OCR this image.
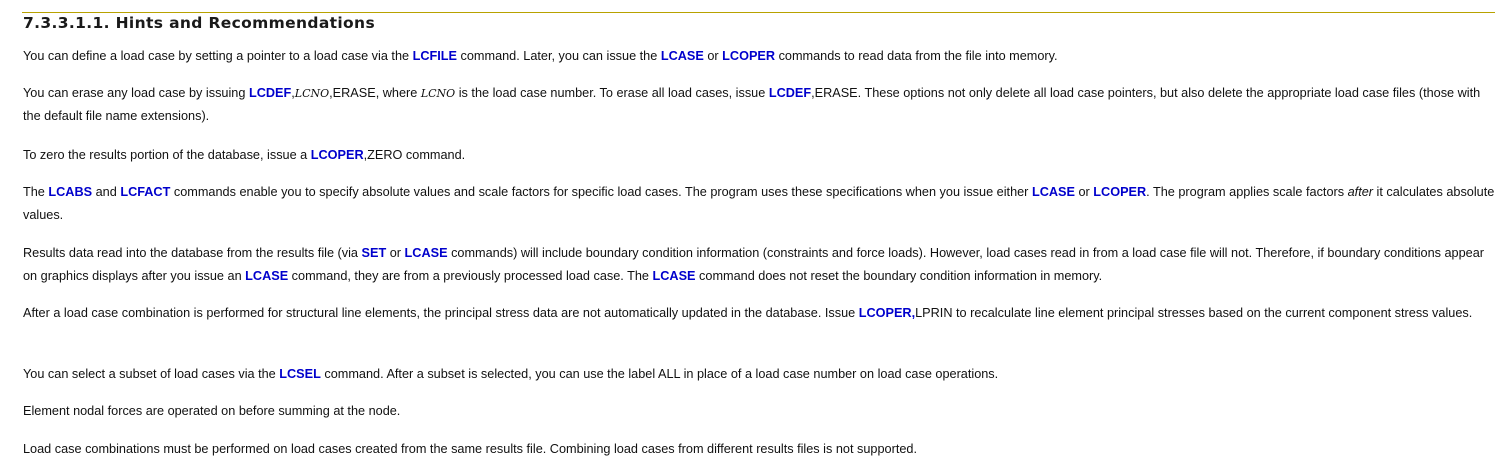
7.3.3.1.1. Hints and Recommendations

You can define a load case by setting a pointer to a load case via the LCFILE command. Later, you can issue the LCASE or LCOPER commands to read data from the file into memory.

You can erase any load case by issuing LCDEF,LCNO,ERASE, where LCNO is the load case number. To erase all load cases, issue LCDEF,ERASE. These options not only delete all load case pointers, but also delete the appropriate load case files (those with the default file name extensions).

To zero the results portion of the database, issue a LCOPER,ZERO command.

The LCABS and LCFACT commands enable you to specify absolute values and scale factors for specific load cases. The program uses these specifications when you issue either LCASE or LCOPER. The program applies scale factors after it calculates absolute values.

Results data read into the database from the results file (via SET or LCASE commands) will include boundary condition information (constraints and force loads). However, load cases read in from a load case file will not. Therefore, if boundary conditions appear on graphics displays after you issue an LCASE command, they are from a previously processed load case. The LCASE command does not reset the boundary condition information in memory.

After a load case combination is performed for structural line elements, the principal stress data are not automatically updated in the database. Issue LCOPER,LPRIN to recalculate line element principal stresses based on the current component stress values.

You can select a subset of load cases via the LCSEL command. After a subset is selected, you can use the label ALL in place of a load case number on load case operations.

Element nodal forces are operated on before summing at the node.

Load case combinations must be performed on load cases created from the same results file. Combining load cases from different results files is not supported.
